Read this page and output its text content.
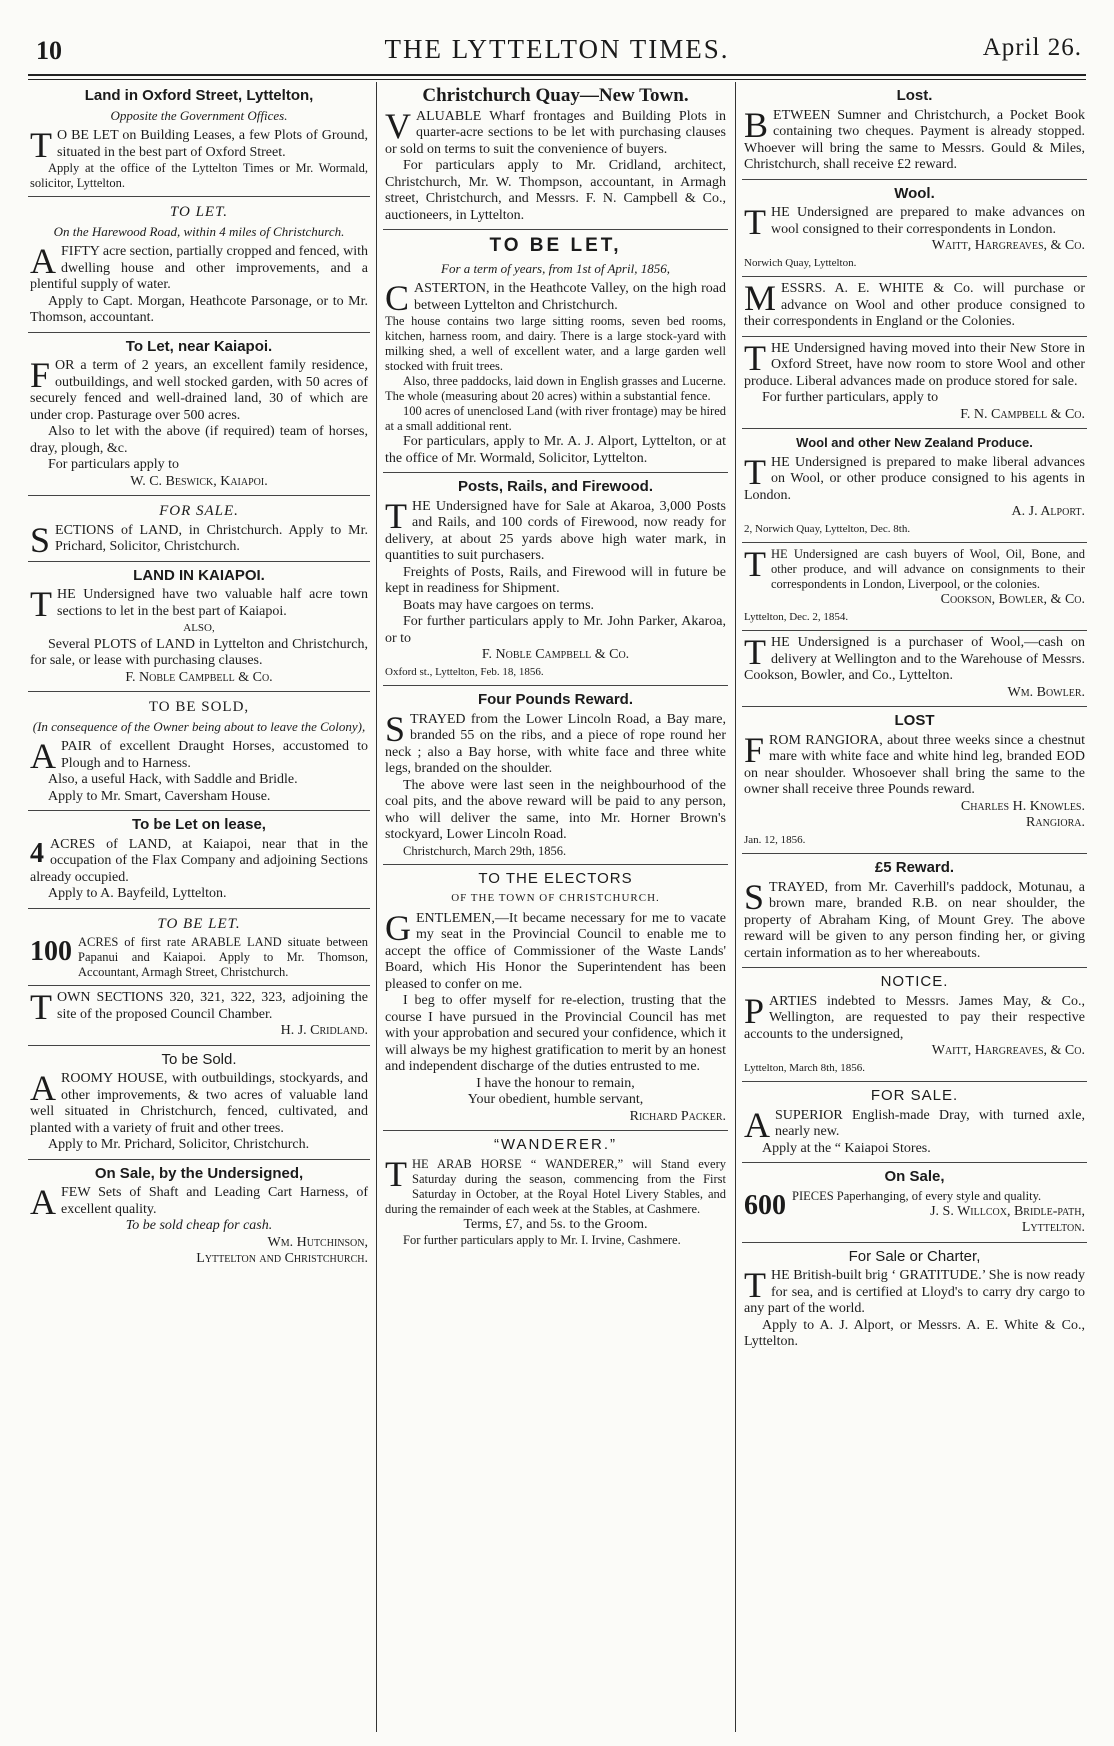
10	THE LYTTELTON TIMES.	April 26.
Land in Oxford Street, Lyttelton,
Opposite the Government Offices.

T O BE LET on Building Leases, a few Plots of Ground, situated in the best part of Oxford Street.

Apply at the office of the Lyttelton Times or Mr. Wormald, solicitor, Lyttelton.

TO LET.
On the Harewood Road, within 4 miles of Christchurch.

A FIFTY acre section, partially cropped and fenced, with dwelling house and other improvements, and a plentiful supply of water.

Apply to Capt. Morgan, Heathcote Parsonage, or to Mr. Thomson, accountant.

To Let, near Kaiapoi.

FOR a term of 2 years, an excellent family residence, outbuildings, and well stocked garden, with 50 acres of securely fenced and well-drained land, 30 of which are under crop. Pasturage over 500 acres.

Also to let with the above (if required) team of horses, dray, plough, &c.

For particulars apply to

W. C. Beswick, Kaiapoi.

FOR SALE.

SECTIONS of LAND, in Christchurch. Apply to Mr. Prichard, Solicitor, Christchurch.

LAND IN KAIAPOI.

THE Undersigned have two valuable half acre town sections to let in the best part of Kaiapoi.

ALSO,

Several PLOTS of LAND in Lyttelton and Christchurch, for sale, or lease with purchasing clauses.

F. Noble Campbell & Co.

TO BE SOLD,
(In consequence of the Owner being about to leave the Colony),

A PAIR of excellent Draught Horses, accustomed to Plough and to Harness.

Also, a useful Hack, with Saddle and Bridle.

Apply to Mr. Smart, Caversham House.

To be Let on lease,

4 ACRES of LAND, at Kaiapoi, near that in the occupation of the Flax Company and adjoining Sections already occupied.

Apply to A. Bayfeild, Lyttelton.

TO BE LET.

100 ACRES of first rate ARABLE LAND situate between Papanui and Kaiapoi. Apply to Mr. Thomson, Accountant, Armagh Street, Christchurch.

TOWN SECTIONS 320, 321, 322, 323, adjoining the site of the proposed Council Chamber.

H. J. Cridland.

To be Sold.

A ROOMY HOUSE, with outbuildings, stockyards, and other improvements, & two acres of valuable land well situated in Christchurch, fenced, cultivated, and planted with a variety of fruit and other trees.

Apply to Mr. Prichard, Solicitor, Christchurch.

On Sale, by the Undersigned,

A FEW Sets of Shaft and Leading Cart Harness, of excellent quality.

To be sold cheap for cash.

Wm. Hutchinson,

Lyttelton and Christchurch.

Christchurch Quay—New Town.

VALUABLE Wharf frontages and Building Plots in quarter-acre sections to be let with purchasing clauses or sold on terms to suit the convenience of buyers.

For particulars apply to Mr. Cridland, architect, Christchurch, Mr. W. Thompson, accountant, in Armagh street, Christchurch, and Messrs. F. N. Campbell & Co., auctioneers, in Lyttelton.

TO BE LET,
For a term of years, from 1st of April, 1856,

CASTERTON, in the Heathcote Valley, on the high road between Lyttelton and Christchurch.

The house contains two large sitting rooms, seven bed rooms, kitchen, harness room, and dairy. There is a large stock-yard with milking shed, a well of excellent water, and a large garden well stocked with fruit trees.

Also, three paddocks, laid down in English grasses and Lucerne. The whole (measuring about 20 acres) within a substantial fence.

100 acres of unenclosed Land (with river frontage) may be hired at a small additional rent.

For particulars, apply to Mr. A. J. Alport, Lyttelton, or at the office of Mr. Wormald, Solicitor, Lyttelton.

Posts, Rails, and Firewood.

THE Undersigned have for Sale at Akaroa, 3,000 Posts and Rails, and 100 cords of Firewood, now ready for delivery, at about 25 yards above high water mark, in quantities to suit purchasers.

Freights of Posts, Rails, and Firewood will in future be kept in readiness for Shipment.

Boats may have cargoes on terms.

For further particulars apply to Mr. John Parker, Akaroa, or to

F. Noble Campbell & Co.

Oxford st., Lyttelton, Feb. 18, 1856.

Four Pounds Reward.

STRAYED from the Lower Lincoln Road, a Bay mare, branded 55 on the ribs, and a piece of rope round her neck ; also a Bay horse, with white face and three white legs, branded on the shoulder.

The above were last seen in the neighbourhood of the coal pits, and the above reward will be paid to any person, who will deliver the same, into Mr. Horner Brown's stockyard, Lower Lincoln Road.

Christchurch, March 29th, 1856.

TO THE ELECTORS
OF THE TOWN OF CHRISTCHURCH.

GENTLEMEN,—It became necessary for me to vacate my seat in the Provincial Council to enable me to accept the office of Commissioner of the Waste Lands' Board, which His Honor the Superintendent has been pleased to confer on me.

I beg to offer myself for re-election, trusting that the course I have pursued in the Provincial Council has met with your approbation and secured your confidence, which it will always be my highest gratification to merit by an honest and independent discharge of the duties entrusted to me.

I have the honour to remain,

Your obedient, humble servant,

Richard Packer.

“WANDERER.”

THE ARAB HORSE “ WANDERER,” will Stand every Saturday during the season, commencing from the First Saturday in October, at the Royal Hotel Livery Stables, and during the remainder of each week at the Stables, at Cashmere.

Terms, £7, and 5s. to the Groom.

For further particulars apply to Mr. I. Irvine, Cashmere.

Lost.

BETWEEN Sumner and Christchurch, a Pocket Book containing two cheques. Payment is already stopped. Whoever will bring the same to Messrs. Gould & Miles, Christchurch, shall receive £2 reward.

Wool.

THE Undersigned are prepared to make advances on wool consigned to their correspondents in London.

Waitt, Hargreaves, & Co.

Norwich Quay, Lyttelton.

MESSRS. A. E. WHITE & Co. will purchase or advance on Wool and other produce consigned to their correspondents in England or the Colonies.

THE Undersigned having moved into their New Store in Oxford Street, have now room to store Wool and other produce. Liberal advances made on produce stored for sale.

For further particulars, apply to

F. N. Campbell & Co.

Wool and other New Zealand Produce.

THE Undersigned is prepared to make liberal advances on Wool, or other produce consigned to his agents in London.

A. J. Alport.

2, Norwich Quay, Lyttelton, Dec. 8th.

THE Undersigned are cash buyers of Wool, Oil, Bone, and other produce, and will advance on consignments to their correspondents in London, Liverpool, or the colonies.

Cookson, Bowler, & Co.

Lyttelton, Dec. 2, 1854.

THE Undersigned is a purchaser of Wool,—cash on delivery at Wellington and to the Warehouse of Messrs. Cookson, Bowler, and Co., Lyttelton.

Wm. Bowler.

LOST

FROM RANGIORA, about three weeks since a chestnut mare with white face and white hind leg, branded EOD on near shoulder. Whosoever shall bring the same to the owner shall receive three Pounds reward.

Charles H. Knowles.

Rangiora.

Jan. 12, 1856.

£5 Reward.

STRAYED, from Mr. Caverhill's paddock, Motunau, a brown mare, branded R.B. on near shoulder, the property of Abraham King, of Mount Grey. The above reward will be given to any person finding her, or giving certain information as to her whereabouts.

NOTICE.

PARTIES indebted to Messrs. James May, & Co., Wellington, are requested to pay their respective accounts to the undersigned,

Waitt, Hargreaves, & Co.

Lyttelton, March 8th, 1856.

FOR SALE.

A SUPERIOR English-made Dray, with turned axle, nearly new.

Apply at the “ Kaiapoi Stores.

On Sale,

600 PIECES Paperhanging, of every style and quality.

J. S. Willcox, Bridle-path,

Lyttelton.

For Sale or Charter,

THE British-built brig ‘ GRATITUDE.’ She is now ready for sea, and is certified at Lloyd's to carry dry cargo to any part of the world.

Apply to A. J. Alport, or Messrs. A. E. White & Co., Lyttelton.
